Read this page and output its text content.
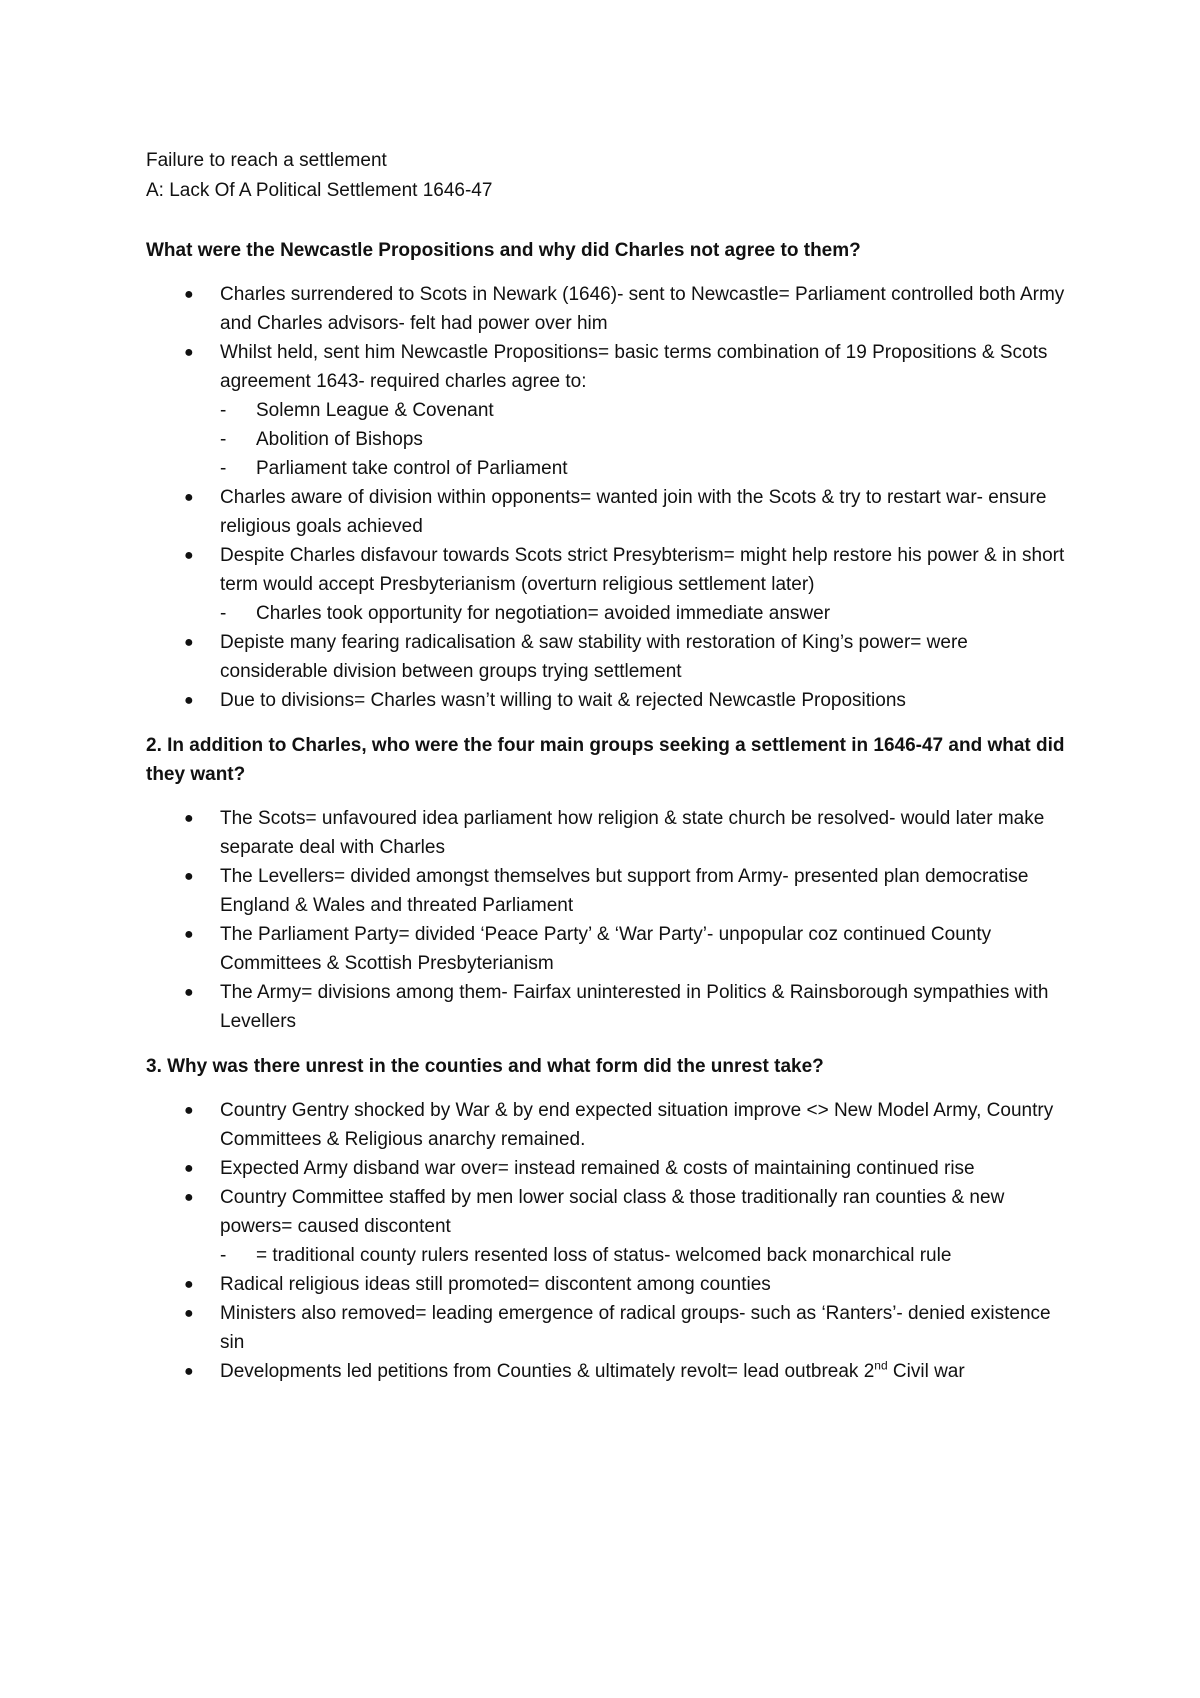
Failure to reach a settlement
A: Lack Of A Political Settlement 1646-47
What were the Newcastle Propositions and why did Charles not agree to them?
● Charles surrendered to Scots in Newark (1646)- sent to Newcastle= Parliament controlled both Army and Charles advisors- felt had power over him
● Whilst held, sent him Newcastle Propositions= basic terms combination of 19 Propositions & Scots agreement 1643- required charles agree to:
- Solemn League & Covenant
- Abolition of Bishops
- Parliament take control of Parliament
● Charles aware of division within opponents= wanted join with the Scots & try to restart war- ensure religious goals achieved
● Despite Charles disfavour towards Scots strict Presybterism= might help restore his power & in short term would accept Presbyterianism (overturn religious settlement later)
- Charles took opportunity for negotiation= avoided immediate answer
● Depiste many fearing radicalisation & saw stability with restoration of King’s power= were considerable division between groups trying settlement
● Due to divisions= Charles wasn’t willing to wait & rejected Newcastle Propositions
2. In addition to Charles, who were the four main groups seeking a settlement in 1646-47 and what did they want?
● The Scots= unfavoured idea parliament how religion & state church be resolved- would later make separate deal with Charles
● The Levellers= divided amongst themselves but support from Army- presented plan democratise England & Wales and threated Parliament
● The Parliament Party= divided ‘Peace Party’ & ‘War Party’- unpopular coz continued County Committees & Scottish Presbyterianism
● The Army= divisions among them- Fairfax uninterested in Politics & Rainsborough sympathies with Levellers
3. Why was there unrest in the counties and what form did the unrest take?
● Country Gentry shocked by War & by end expected situation improve <> New Model Army, Country Committees & Religious anarchy remained.
● Expected Army disband war over= instead remained & costs of maintaining continued rise
● Country Committee staffed by men lower social class & those traditionally ran counties & new powers= caused discontent
- = traditional county rulers resented loss of status- welcomed back monarchical rule
● Radical religious ideas still promoted= discontent among counties
● Ministers also removed= leading emergence of radical groups- such as ‘Ranters’- denied existence sin
● Developments led petitions from Counties & ultimately revolt= lead outbreak 2nd Civil war
